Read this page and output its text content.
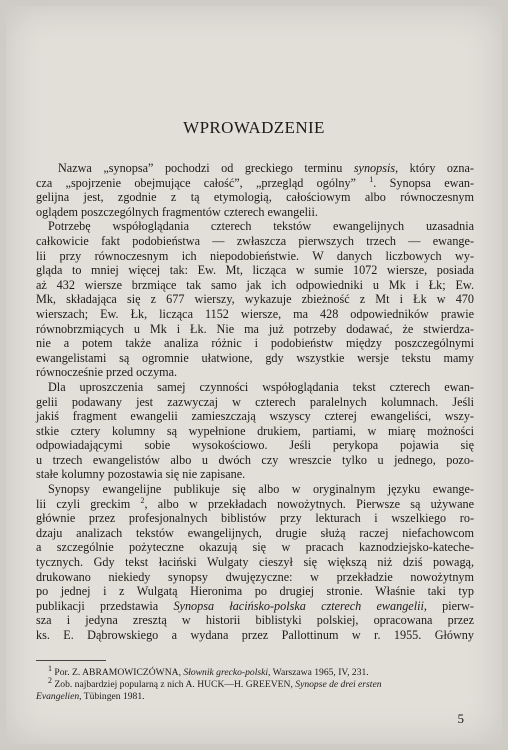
WPROWADZENIE

Nazwa „synopsa” pochodzi od greckiego terminu synopsis, który ozna-
cza „spojrzenie obejmujące całość”, „przegląd ogólny” $^1$. Synopsa ewan-
gelijna jest, zgodnie z tą etymologią, całościowym albo równoczesnym
oglądem poszczególnych fragmentów czterech ewangelii.

Potrzebę współoglądania czterech tekstów ewangelijnych uzasadnia
całkowicie fakt podobieństwa — zwłaszcza pierwszych trzech — ewange-
lii przy równoczesnym ich niepodobieństwie. W danych liczbowych wy-
gląda to mniej więcej tak: Ew. Mt, licząca w sumie 1072 wiersze, posiada
aż 432 wiersze brzmiące tak samo jak ich odpowiedniki u Mk i Łk; Ew.
Mk, składająca się z 677 wierszy, wykazuje zbieżność z Mt i Łk w 470
wierszach; Ew. Łk, licząca 1152 wiersze, ma 428 odpowiedników prawie
równobrzmiących u Mk i Łk. Nie ma już potrzeby dodawać, że stwierdza-
nie a potem także analiza różnic i podobieństw między poszczególnymi
ewangelistami są ogromnie ułatwione, gdy wszystkie wersje tekstu mamy
równocześnie przed oczyma.

Dla uproszczenia samej czynności współoglądania tekst czterech ewan-
gelii podawany jest zazwyczaj w czterech paralelnych kolumnach. Jeśli
jakiś fragment ewangelii zamieszczają wszyscy czterej ewangeliści, wszy-
stkie cztery kolumny są wypełnione drukiem, partiami, w miarę możności
odpowiadającymi sobie wysokościowo. Jeśli perykopa pojawia się
u trzech ewangelistów albo u dwóch czy wreszcie tylko u jednego, pozo-
stałe kolumny pozostawia się nie zapisane.

Synopsy ewangelijne publikuje się albo w oryginalnym języku ewange-
lii czyli greckim $^2$, albo w przekładach nowożytnych. Pierwsze są używane
głównie przez profesjonalnych biblistów przy lekturach i wszelkiego ro-
dzaju analizach tekstów ewangelijnych, drugie służą raczej niefachowcom
a szczególnie pożyteczne okazują się w pracach kaznodziejsko-kateche-
tycznych. Gdy tekst łaciński Wulgaty cieszył się większą niż dziś powagą,
drukowano niekiedy synopsy dwujęzyczne: w przekładzie nowożytnym
po jednej i z Wulgatą Hieronima po drugiej stronie. Właśnie taki typ
publikacji przedstawia Synopsa łacińsko-polska czterech ewangelii, pierw-
sza i jedyna zresztą w historii biblistyki polskiej, opracowana przez
ks. E. Dąbrowskiego a wydana przez Pallottinum w r. 1955. Główny

$^1$ Por. Z. ABRAMOWICZÓWNA, Słownik grecko-polski, Warszawa 1965, IV, 231.
$^2$ Zob. najbardziej popularną z nich A. HUCK—H. GREEVEN, Synopse de drei ersten
Evangelien, Tübingen 1981.
5
